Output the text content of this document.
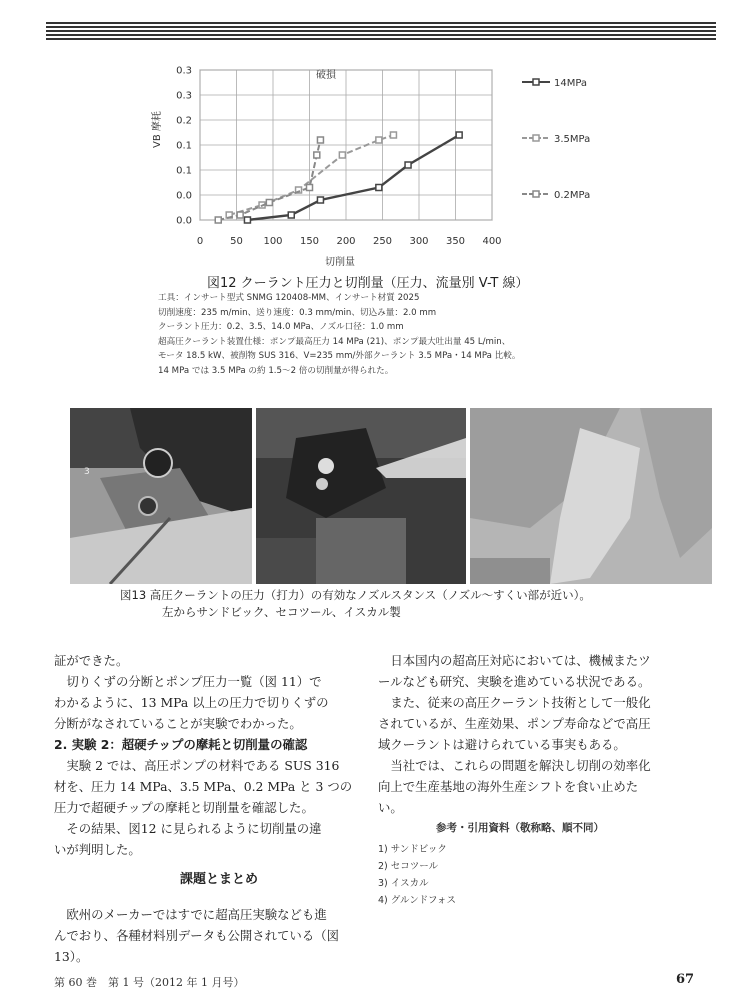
0.0
0.0
0.1
0.1
0.2
0.3
0.3
0	50 100 150 200 250 300 350 400
破損
切削量
VB 摩耗
14MPa
3.5MPa
0.2MPa
図12 クーラント圧力と切削量（圧力、流量別 V-T 線）
工具：インサート型式 SNMG 120408-MM、インサート材質 2025
切削速度：235 m/min、送り速度：0.3 mm/min、切込み量：2.0 mm
クーラント圧力：0.2、3.5、14.0 MPa、ノズル口径：1.0 mm
超高圧クーラント装置仕様：ポンプ最高圧力 14 MPa (21)、ポンプ最大吐出量 45 L/min、
モータ 18.5 kW、被削物 SUS 316、V=235 mm/外部クーラント 3.5 MPa・14 MPa 比較。
14 MPa では 3.5 MPa の約 1.5〜2 倍の切削量が得られた。
3
図13 高圧クーラントの圧力（打力）の有効なノズルスタンス（ノズル〜すくい部が近い）。
左からサンドビック、セコツール、イスカル製
証ができた。
　切りくずの分断とポンプ圧力一覧（図 11）で
わかるように、13 MPa 以上の圧力で切りくずの
分断がなされていることが実験でわかった。
2. 実験 2：超硬チップの摩耗と切削量の確認
　実験 2 では、高圧ポンプの材料である SUS 316
材を、圧力 14 MPa、3.5 MPa、0.2 MPa と 3 つの
圧力で超硬チップの摩耗と切削量を確認した。
　その結果、図12 に見られるように切削量の違
いが判明した。
課題とまとめ
　欧州のメーカーではすでに超高圧実験なども進
んでおり、各種材料別データも公開されている（図
13）。
　日本国内の超高圧対応においては、機械またツ
ールなども研究、実験を進めている状況である。
　また、従来の高圧クーラント技術として一般化
されているが、生産効果、ポンプ寿命などで高圧
域クーラントは避けられている事実もある。
　当社では、これらの問題を解決し切削の効率化
向上で生産基地の海外生産シフトを食い止めた
い。
参考・引用資料（敬称略、順不同）
1) サンドビック
2) セコツール
3) イスカル
4) グルンドフォス
第 60 巻　第 1 号（2012 年 1 月号）	67
